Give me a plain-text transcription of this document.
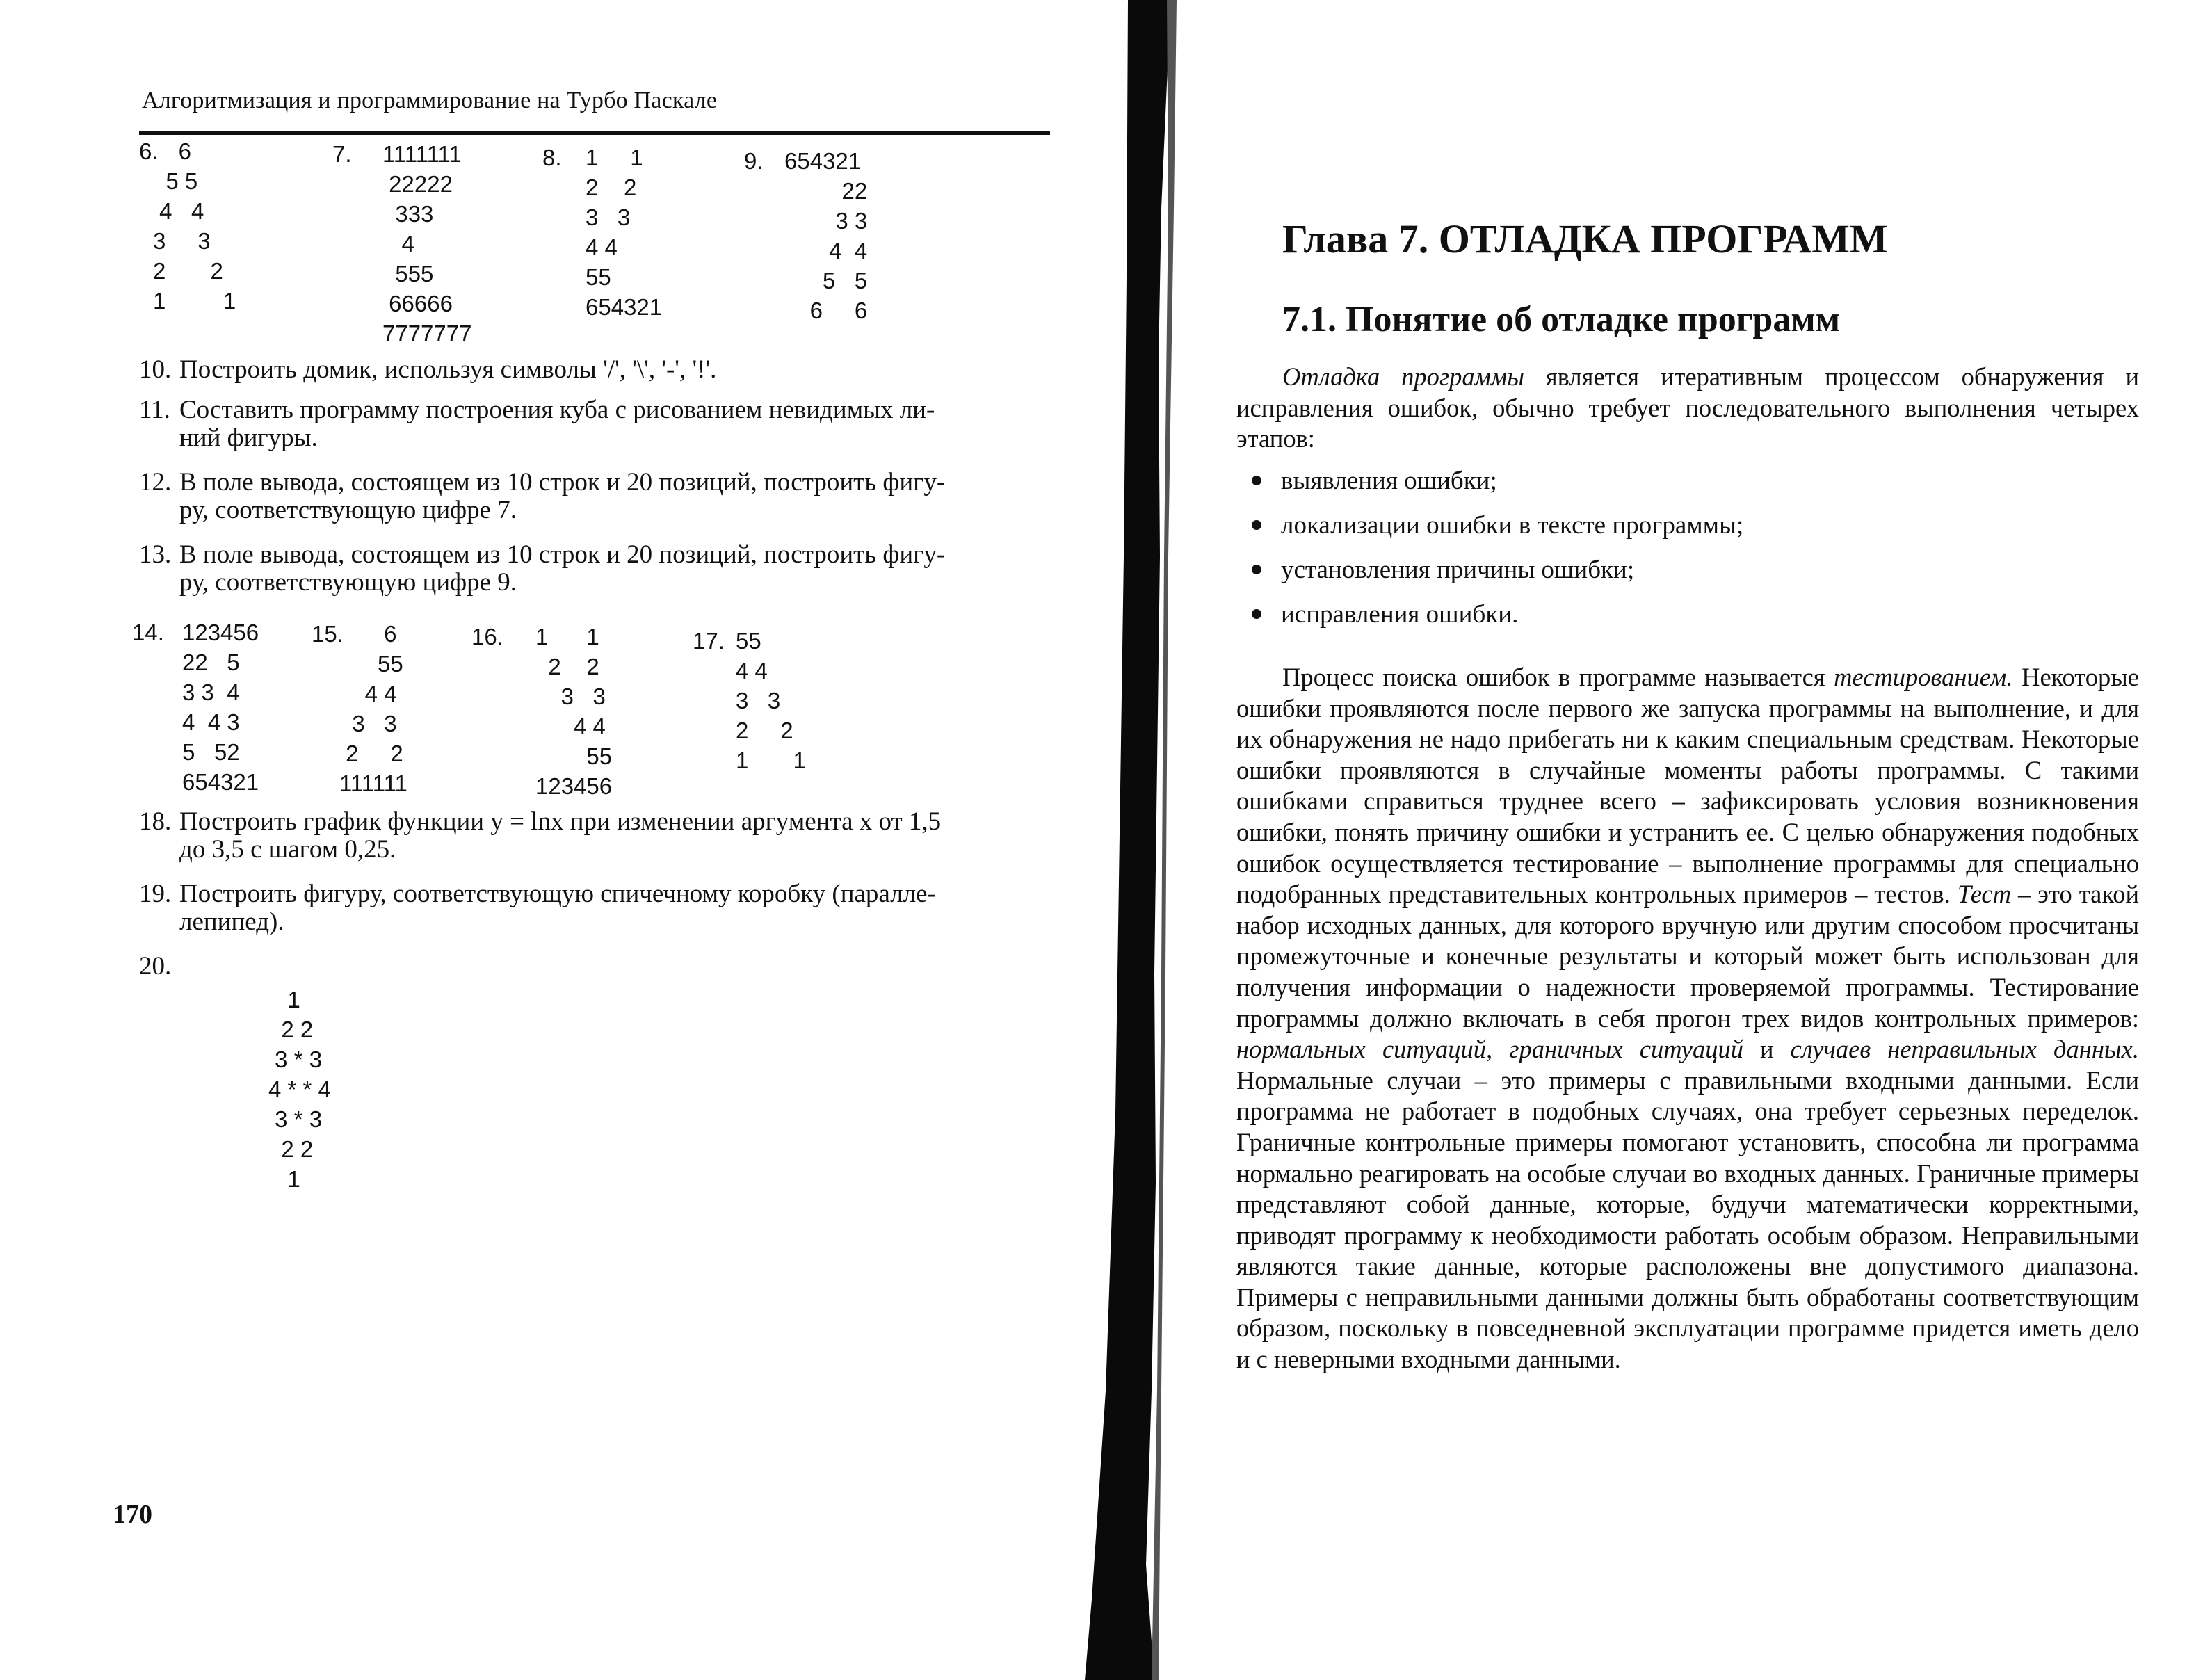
Алгоритмизация и программирование на Турбо Паскале
6. 6
5 5
4   4
3     3
2       2
1         1
7. 1111111
22222
333
4
555
66666
7777777
8. 1     1
2    2
3   3
4 4
55
654321
9. 654321
22
3 3
4  4
5   5
6     6
10. Построить домик, используя символы '/', '\', '-', '!'.
11. Составить программу построения куба с рисованием невидимых ли-
ний фигуры.
12. В поле вывода, состоящем из 10 строк и 20 позиций, построить фигу-
ру, соответствующую цифре 7.
13. В поле вывода, состоящем из 10 строк и 20 позиций, построить фигу-
ру, соответствующую цифре 9.
14. 123456
22   5
3 3  4
4  4 3
5   52
654321
15.	6
55
4 4
3   3
2     2
111111
16. 1      1
2    2
3   3
4 4
55
123456
17. 55
4 4
3   3
2     2
1       1
18. Построить график функции y = lnx при изменении аргумента x от 1,5
до 3,5 с шагом 0,25.
19. Построить фигуру, соответствующую спичечному коробку (паралле-
лепипед).
20.
1
2 2
3 * 3
4 * * 4
3 * 3
2 2
1
170
Глава 7. ОТЛАДКА ПРОГРАММ
7.1. Понятие об отладке программ

Отладка программы является итеративным процессом обнаружения и исправления ошибок, обычно требует последовательного выполнения четырех этапов:

выявления ошибки;
локализации ошибки в тексте программы;
установления причины ошибки;
исправления ошибки.

Процесс поиска ошибок в программе называется тестированием. Некоторые ошибки проявляются после первого же запуска программы на выполнение, и для их обнаружения не надо прибегать ни к каким специальным средствам. Некоторые ошибки проявляются в случайные моменты работы программы. С такими ошибками справиться труднее всего – зафиксировать условия возникновения ошибки, понять причину ошибки и устранить ее. С целью обнаружения подобных ошибок осуществляется тестирование – выполнение программы для специально подобранных представительных контрольных примеров – тестов. Тест – это такой набор исходных данных, для которого вручную или другим способом просчитаны промежуточные и конечные результаты и который может быть использован для получения информации о надежности проверяемой программы. Тестирование программы должно включать в себя прогон трех видов контрольных примеров: нормальных ситуаций, граничных ситуаций и случаев неправильных данных. Нормальные случаи – это примеры с правильными входными данными. Если программа не работает в подобных случаях, она требует серьезных переделок. Граничные контрольные примеры помогают установить, способна ли программа нормально реагировать на особые случаи во входных данных. Граничные примеры представляют собой данные, которые, будучи математически корректными, приводят программу к необходимости работать особым образом. Неправильными являются такие данные, которые расположены вне допустимого диапазона. Примеры с неправильными данными должны быть обработаны соответствующим образом, поскольку в повседневной эксплуатации программе придется иметь дело и с неверными входными данными.
